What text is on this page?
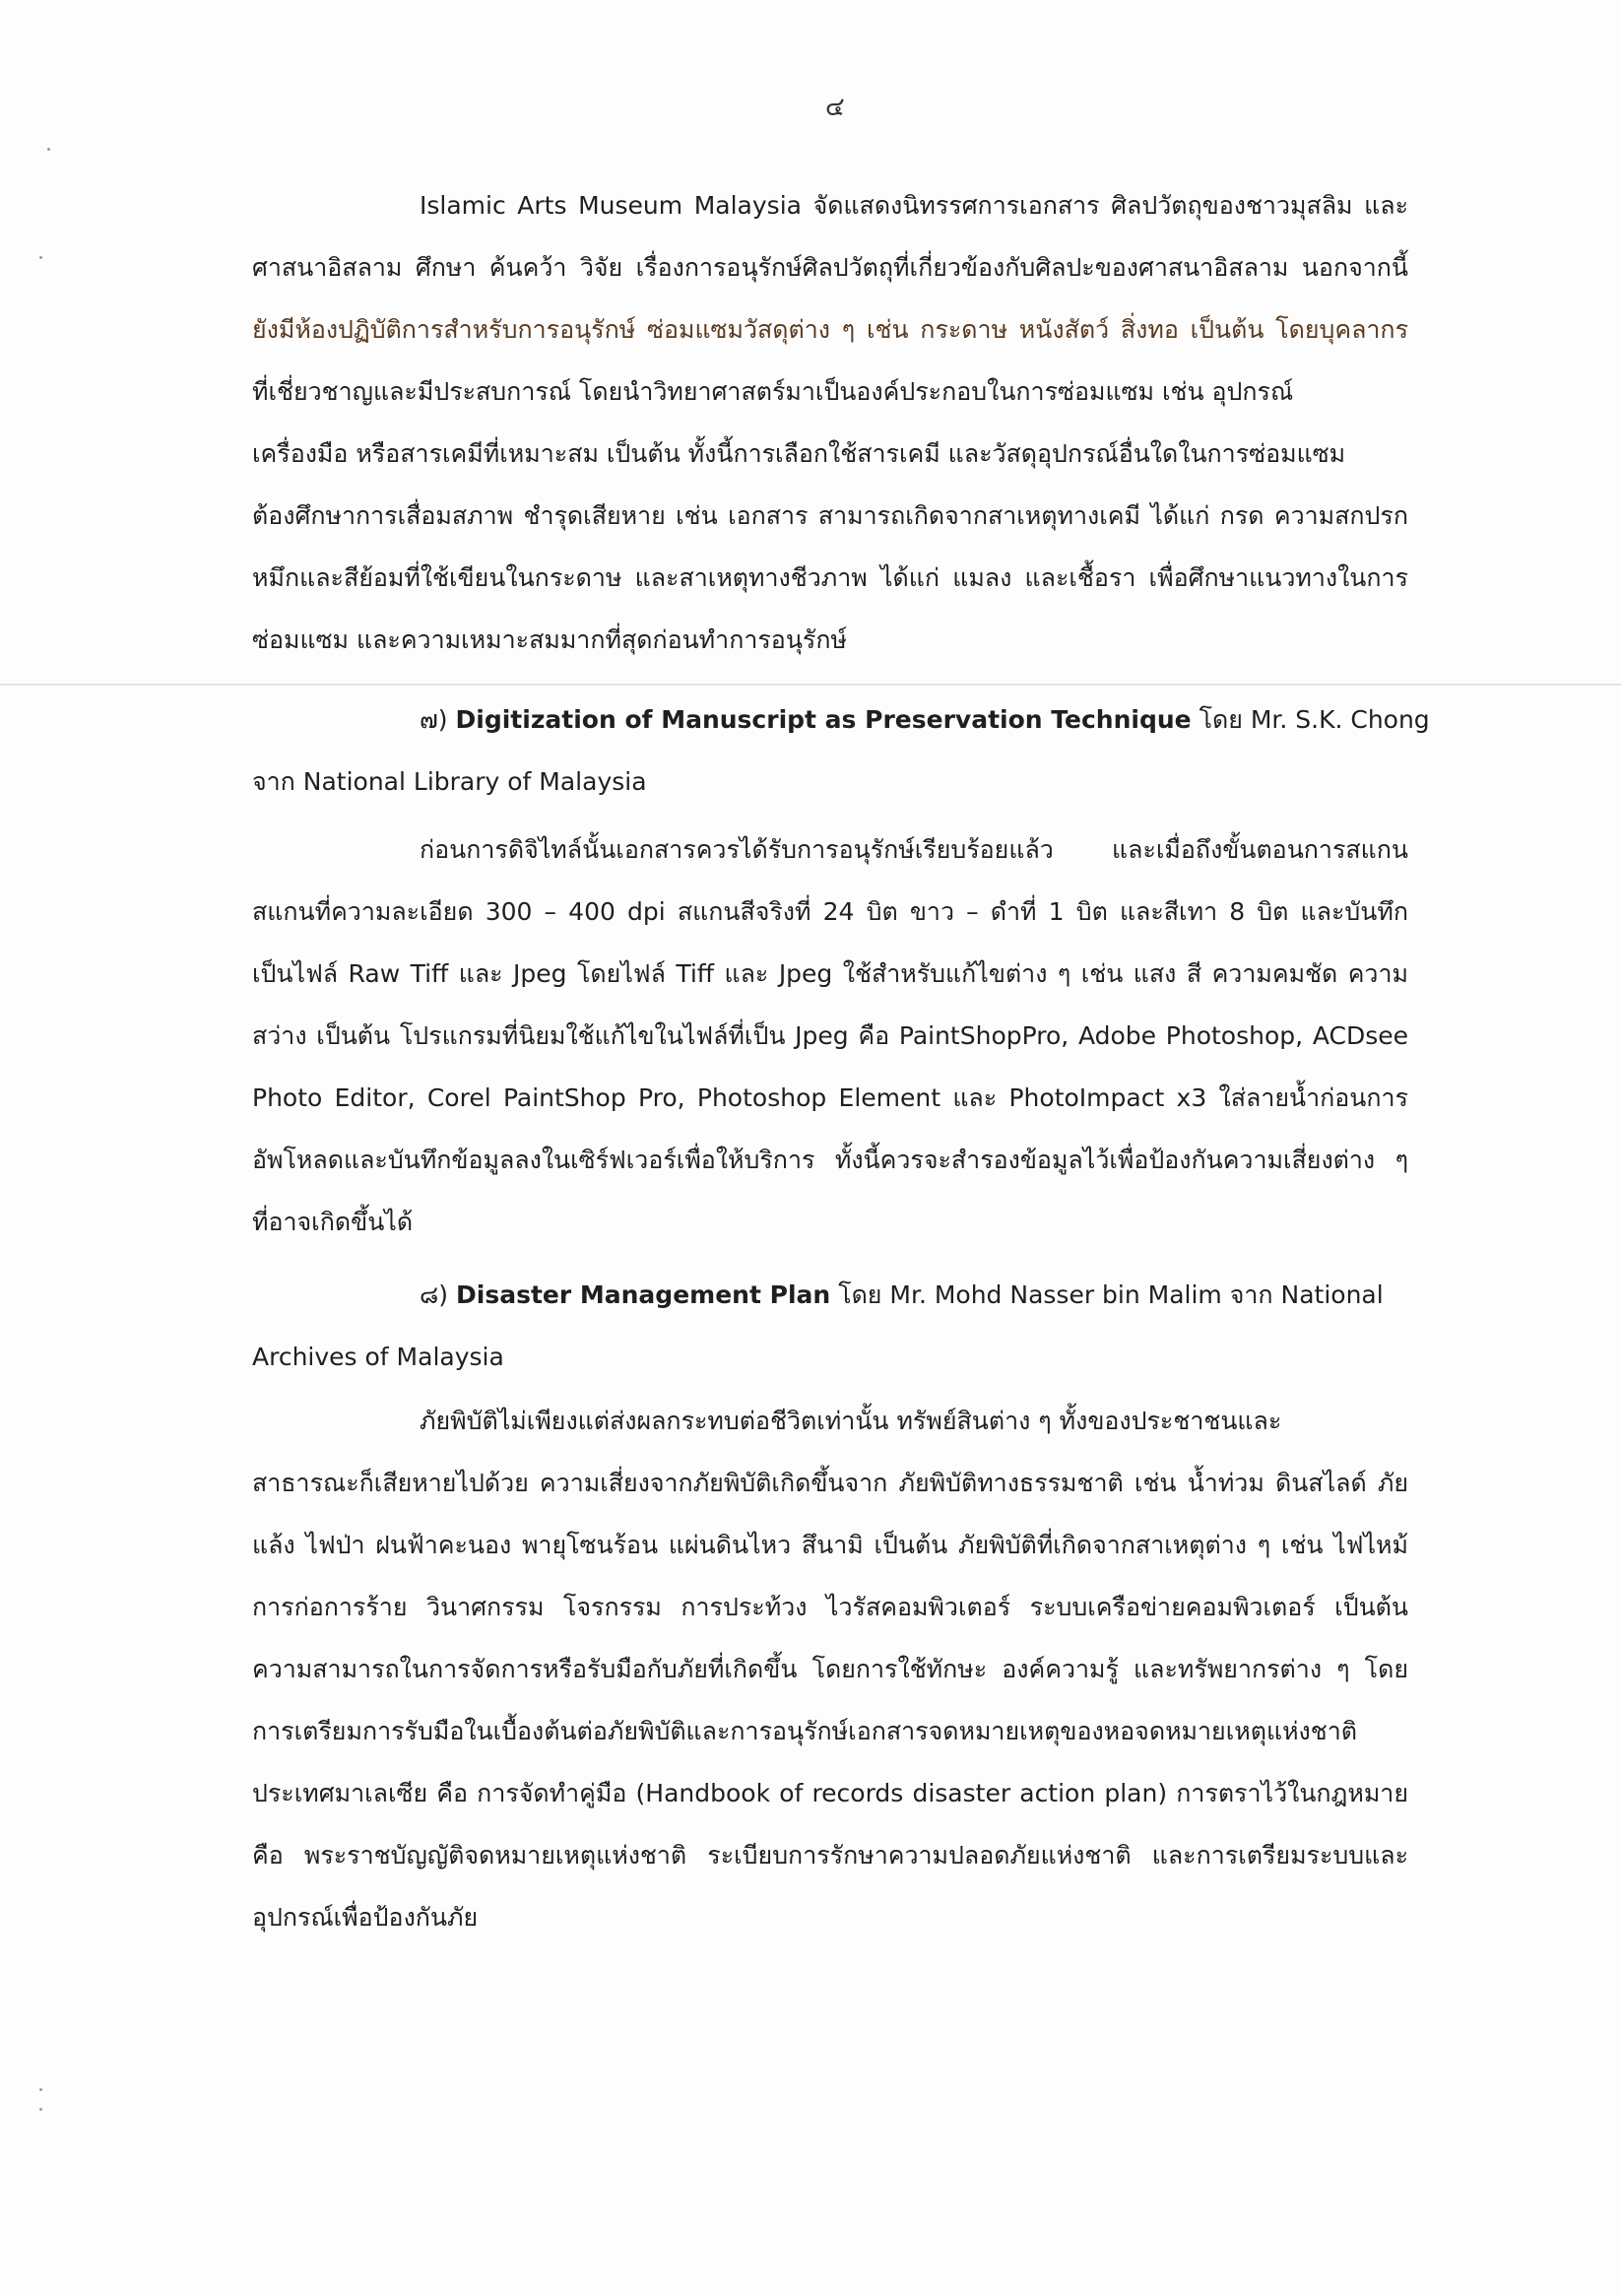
๔
Islamic Arts Museum Malaysia จัดแสดงนิทรรศการเอกสาร ศิลปวัตถุของชาวมุสลิม และ
ศาสนาอิสลาม ศึกษา ค้นคว้า วิจัย เรื่องการอนุรักษ์ศิลปวัตถุที่เกี่ยวข้องกับศิลปะของศาสนาอิสลาม นอกจากนี้
ยังมีห้องปฏิบัติการสำหรับการอนุรักษ์ ซ่อมแซมวัสดุต่าง ๆ เช่น กระดาษ หนังสัตว์ สิ่งทอ เป็นต้น โดยบุคลากร
ที่เชี่ยวชาญและมีประสบการณ์ โดยนำวิทยาศาสตร์มาเป็นองค์ประกอบในการซ่อมแซม เช่น อุปกรณ์
เครื่องมือ หรือสารเคมีที่เหมาะสม เป็นต้น ทั้งนี้การเลือกใช้สารเคมี และวัสดุอุปกรณ์อื่นใดในการซ่อมแซม
ต้องศึกษาการเสื่อมสภาพ ชำรุดเสียหาย เช่น เอกสาร สามารถเกิดจากสาเหตุทางเคมี ได้แก่ กรด ความสกปรก
หมึกและสีย้อมที่ใช้เขียนในกระดาษ และสาเหตุทางชีวภาพ ได้แก่ แมลง และเชื้อรา เพื่อศึกษาแนวทางในการ
ซ่อมแซม และความเหมาะสมมากที่สุดก่อนทำการอนุรักษ์
๗) Digitization of Manuscript as Preservation Technique โดย Mr. S.K. Chong
จาก National Library of Malaysia
ก่อนการดิจิไทล์นั้นเอกสารควรได้รับการอนุรักษ์เรียบร้อยแล้ว และเมื่อถึงขั้นตอนการสแกน
สแกนที่ความละเอียด 300 – 400 dpi สแกนสีจริงที่ 24 บิต ขาว – ดำที่ 1 บิต และสีเทา 8 บิต และบันทึก
เป็นไฟล์ Raw Tiff และ Jpeg โดยไฟล์ Tiff และ Jpeg ใช้สำหรับแก้ไขต่าง ๆ เช่น แสง สี ความคมชัด ความ
สว่าง เป็นต้น โปรแกรมที่นิยมใช้แก้ไขในไฟล์ที่เป็น Jpeg คือ PaintShopPro, Adobe Photoshop, ACDsee
Photo Editor, Corel PaintShop Pro, Photoshop Element และ PhotoImpact x3 ใส่ลายน้ำก่อนการ
อัพโหลดและบันทึกข้อมูลลงในเซิร์ฟเวอร์เพื่อให้บริการ ทั้งนี้ควรจะสำรองข้อมูลไว้เพื่อป้องกันความเสี่ยงต่าง ๆ
ที่อาจเกิดขึ้นได้
๘) Disaster Management Plan โดย Mr. Mohd Nasser bin Malim จาก National
Archives of Malaysia
ภัยพิบัติไม่เพียงแต่ส่งผลกระทบต่อชีวิตเท่านั้น ทรัพย์สินต่าง ๆ ทั้งของประชาชนและ
สาธารณะก็เสียหายไปด้วย ความเสี่ยงจากภัยพิบัติเกิดขึ้นจาก ภัยพิบัติทางธรรมชาติ เช่น น้ำท่วม ดินสไลด์ ภัย
แล้ง ไฟป่า ฝนฟ้าคะนอง พายุโซนร้อน แผ่นดินไหว สึนามิ เป็นต้น ภัยพิบัติที่เกิดจากสาเหตุต่าง ๆ เช่น ไฟไหม้
การก่อการร้าย วินาศกรรม โจรกรรม การประท้วง ไวรัสคอมพิวเตอร์ ระบบเครือข่ายคอมพิวเตอร์ เป็นต้น
ความสามารถในการจัดการหรือรับมือกับภัยที่เกิดขึ้น โดยการใช้ทักษะ องค์ความรู้ และทรัพยากรต่าง ๆ โดย
การเตรียมการรับมือในเบื้องต้นต่อภัยพิบัติและการอนุรักษ์เอกสารจดหมายเหตุของหอจดหมายเหตุแห่งชาติ
ประเทศมาเลเซีย คือ การจัดทำคู่มือ (Handbook of records disaster action plan) การตราไว้ในกฎหมาย
คือ พระราชบัญญัติจดหมายเหตุแห่งชาติ ระเบียบการรักษาความปลอดภัยแห่งชาติ และการเตรียมระบบและ
อุปกรณ์เพื่อป้องกันภัย
